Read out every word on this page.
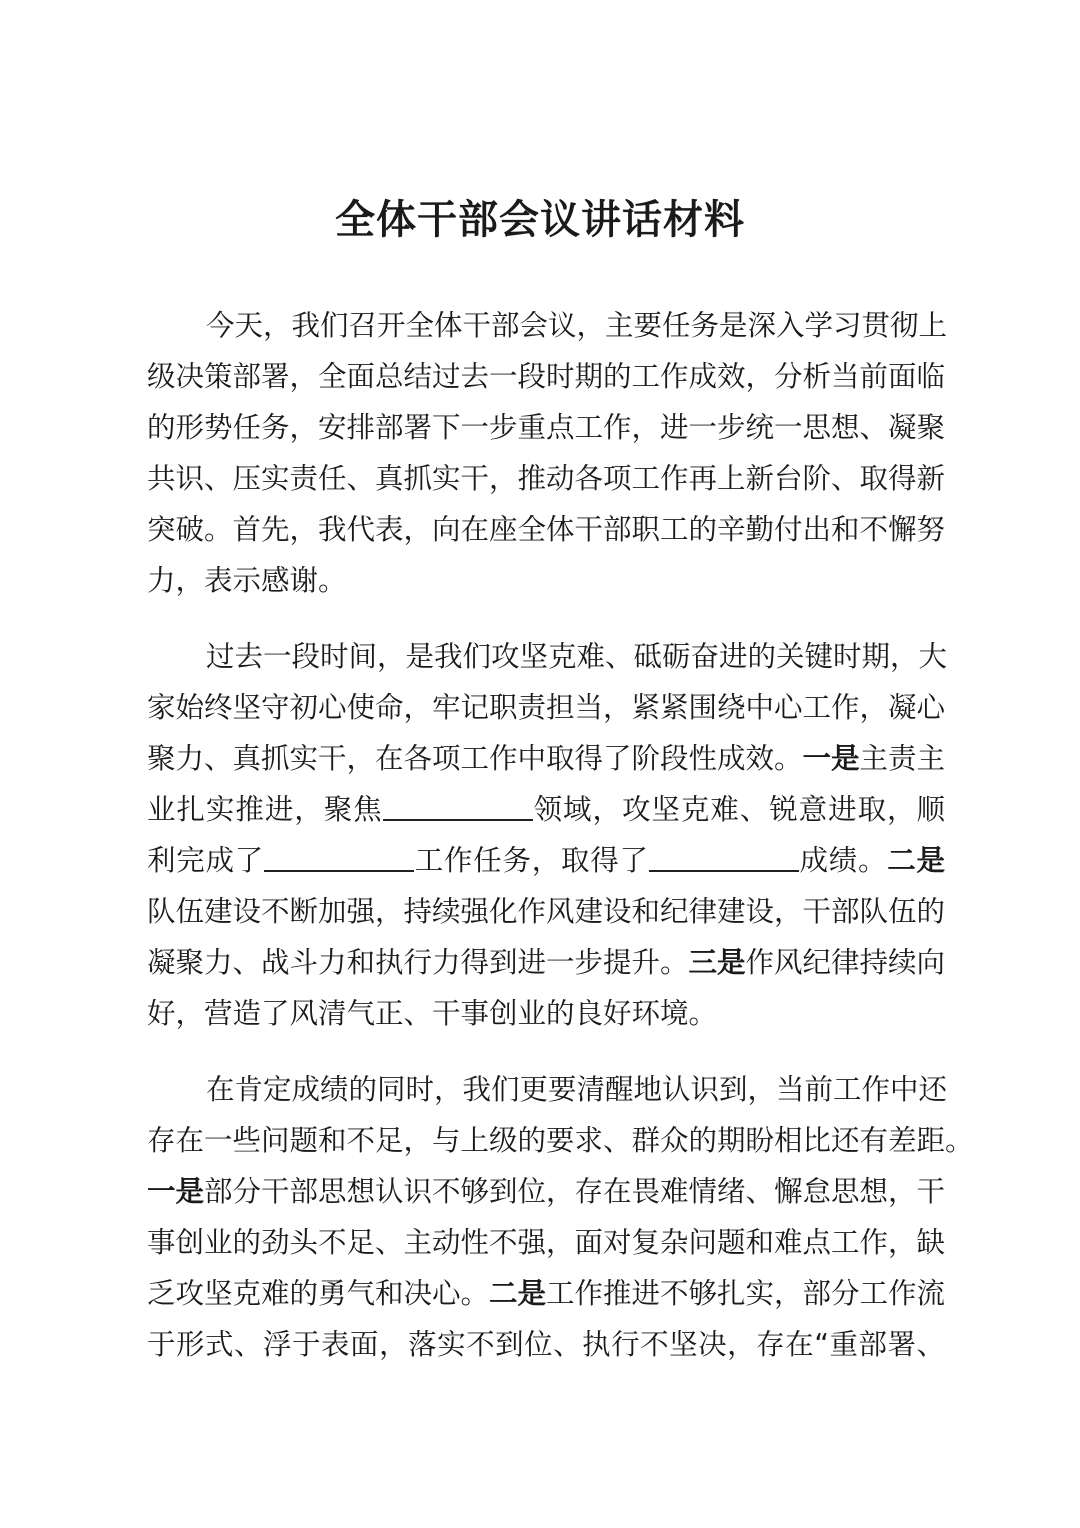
全体干部会议讲话材料
今天，我们召开全体干部会议，主要任务是深入学习贯彻上
级决策部署，全面总结过去一段时期的工作成效，分析当前面临
的形势任务，安排部署下一步重点工作，进一步统一思想、凝聚
共识、压实责任、真抓实干，推动各项工作再上新台阶、取得新
突破。首先，我代表，向在座全体干部职工的辛勤付出和不懈努
力，表示感谢。
过去一段时间，是我们攻坚克难、砥砺奋进的关键时期，大
家始终坚守初心使命，牢记职责担当，紧紧围绕中心工作，凝心
聚力、真抓实干，在各项工作中取得了阶段性成效。一是主责主
业扎实推进，聚焦	领域，攻坚克难、锐意进取，顺
利完成了	工作任务，取得了	成绩。二是
队伍建设不断加强，持续强化作风建设和纪律建设，干部队伍的
凝聚力、战斗力和执行力得到进一步提升。三是作风纪律持续向
好，营造了风清气正、干事创业的良好环境。
在肯定成绩的同时，我们更要清醒地认识到，当前工作中还
存在一些问题和不足，与上级的要求、群众的期盼相比还有差距。
一是部分干部思想认识不够到位，存在畏难情绪、懈怠思想，干
事创业的劲头不足、主动性不强，面对复杂问题和难点工作，缺
乏攻坚克难的勇气和决心。二是工作推进不够扎实，部分工作流
于形式、浮于表面，落实不到位、执行不坚决，存在“重部署、
